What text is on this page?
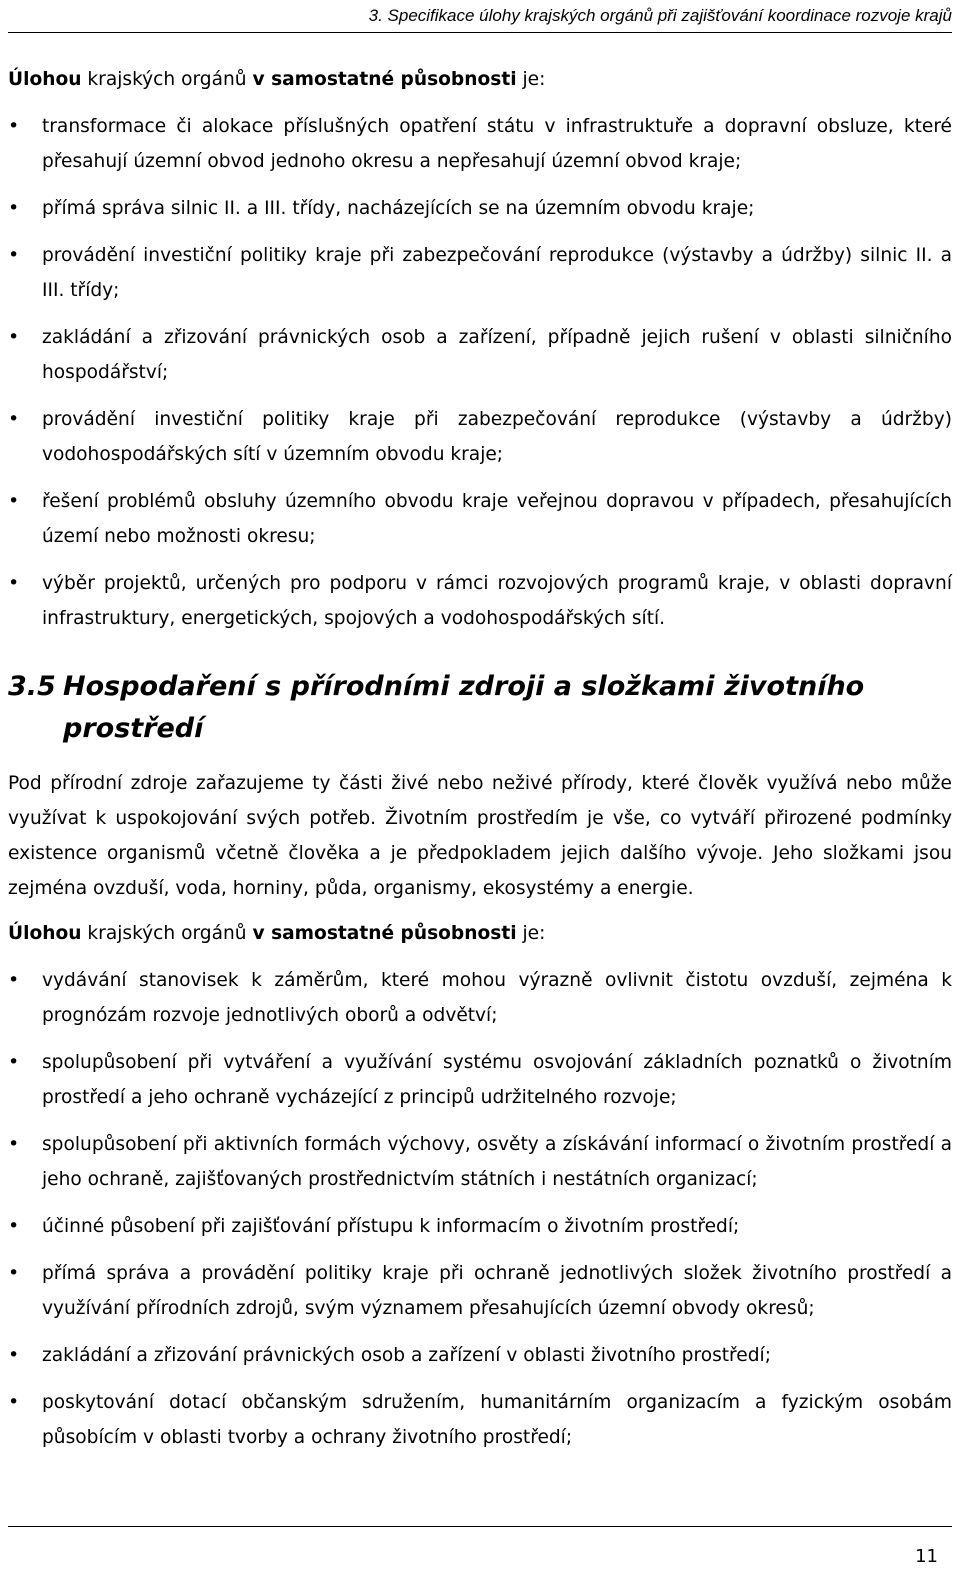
3. Specifikace úlohy krajských orgánů při zajišťování koordinace rozvoje krajů

Úlohou krajských orgánů v samostatné působnosti je:

• transformace či alokace příslušných opatření státu v infrastruktuře a dopravní obsluze, které přesahují územní obvod jednoho okresu a nepřesahují územní obvod kraje;
• přímá správa silnic II. a III. třídy, nacházejících se na územním obvodu kraje;
• provádění investiční politiky kraje při zabezpečování reprodukce (výstavby a údržby) silnic II. a III. třídy;
• zakládání a zřizování právnických osob a zařízení, případně jejich rušení v oblasti silničního hospodářství;
• provádění investiční politiky kraje při zabezpečování reprodukce (výstavby a údržby) vodohospodářských sítí v územním obvodu kraje;
• řešení problémů obsluhy územního obvodu kraje veřejnou dopravou v případech, přesahujících území nebo možnosti okresu;
• výběr projektů, určených pro podporu v rámci rozvojových programů kraje, v oblasti dopravní infrastruktury, energetických, spojových a vodohospodářských sítí.
3.5 Hospodaření s přírodními zdroji a složkami životního prostředí

Pod přírodní zdroje zařazujeme ty části živé nebo neživé přírody, které člověk využívá nebo může využívat k uspokojování svých potřeb. Životním prostředím je vše, co vytváří přirozené podmínky existence organismů včetně člověka a je předpokladem jejich dalšího vývoje. Jeho složkami jsou zejména ovzduší, voda, horniny, půda, organismy, ekosystémy a energie.

Úlohou krajských orgánů v samostatné působnosti je:

• vydávání stanovisek k záměrům, které mohou výrazně ovlivnit čistotu ovzduší, zejména k prognózám rozvoje jednotlivých oborů a odvětví;
• spolupůsobení při vytváření a využívání systému osvojování základních poznatků o životním prostředí a jeho ochraně vycházející z principů udržitelného rozvoje;
• spolupůsobení při aktivních formách výchovy, osvěty a získávání informací o životním prostředí a jeho ochraně, zajišťovaných prostřednictvím státních i nestátních organizací;
• účinné působení při zajišťování přístupu k informacím o životním prostředí;
• přímá správa a provádění politiky kraje při ochraně jednotlivých složek životního prostředí a využívání přírodních zdrojů, svým významem přesahujících územní obvody okresů;
• zakládání a zřizování právnických osob a zařízení v oblasti životního prostředí;
• poskytování dotací občanským sdružením, humanitárním organizacím a fyzickým osobám působícím v oblasti tvorby a ochrany životního prostředí;
11
